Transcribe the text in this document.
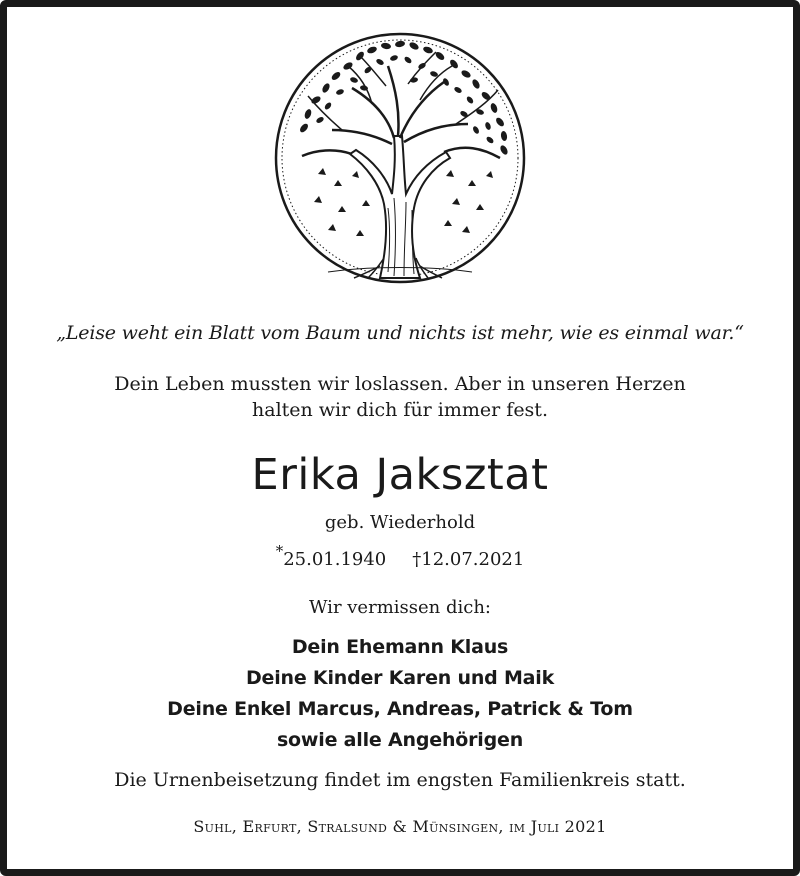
„Leise weht ein Blatt vom Baum und nichts ist mehr, wie es einmal war.“
Dein Leben mussten wir loslassen. Aber in unseren Herzen
halten wir dich für immer fest.
Erika Jaksztat
geb. Wiederhold
*25.01.1940 †12.07.2021
Wir vermissen dich:
Dein Ehemann Klaus
Deine Kinder Karen und Maik
Deine Enkel Marcus, Andreas, Patrick & Tom
sowie alle Angehörigen
Die Urnenbeisetzung findet im engsten Familienkreis statt.
Suhl, Erfurt, Stralsund & Münsingen, im Juli 2021
